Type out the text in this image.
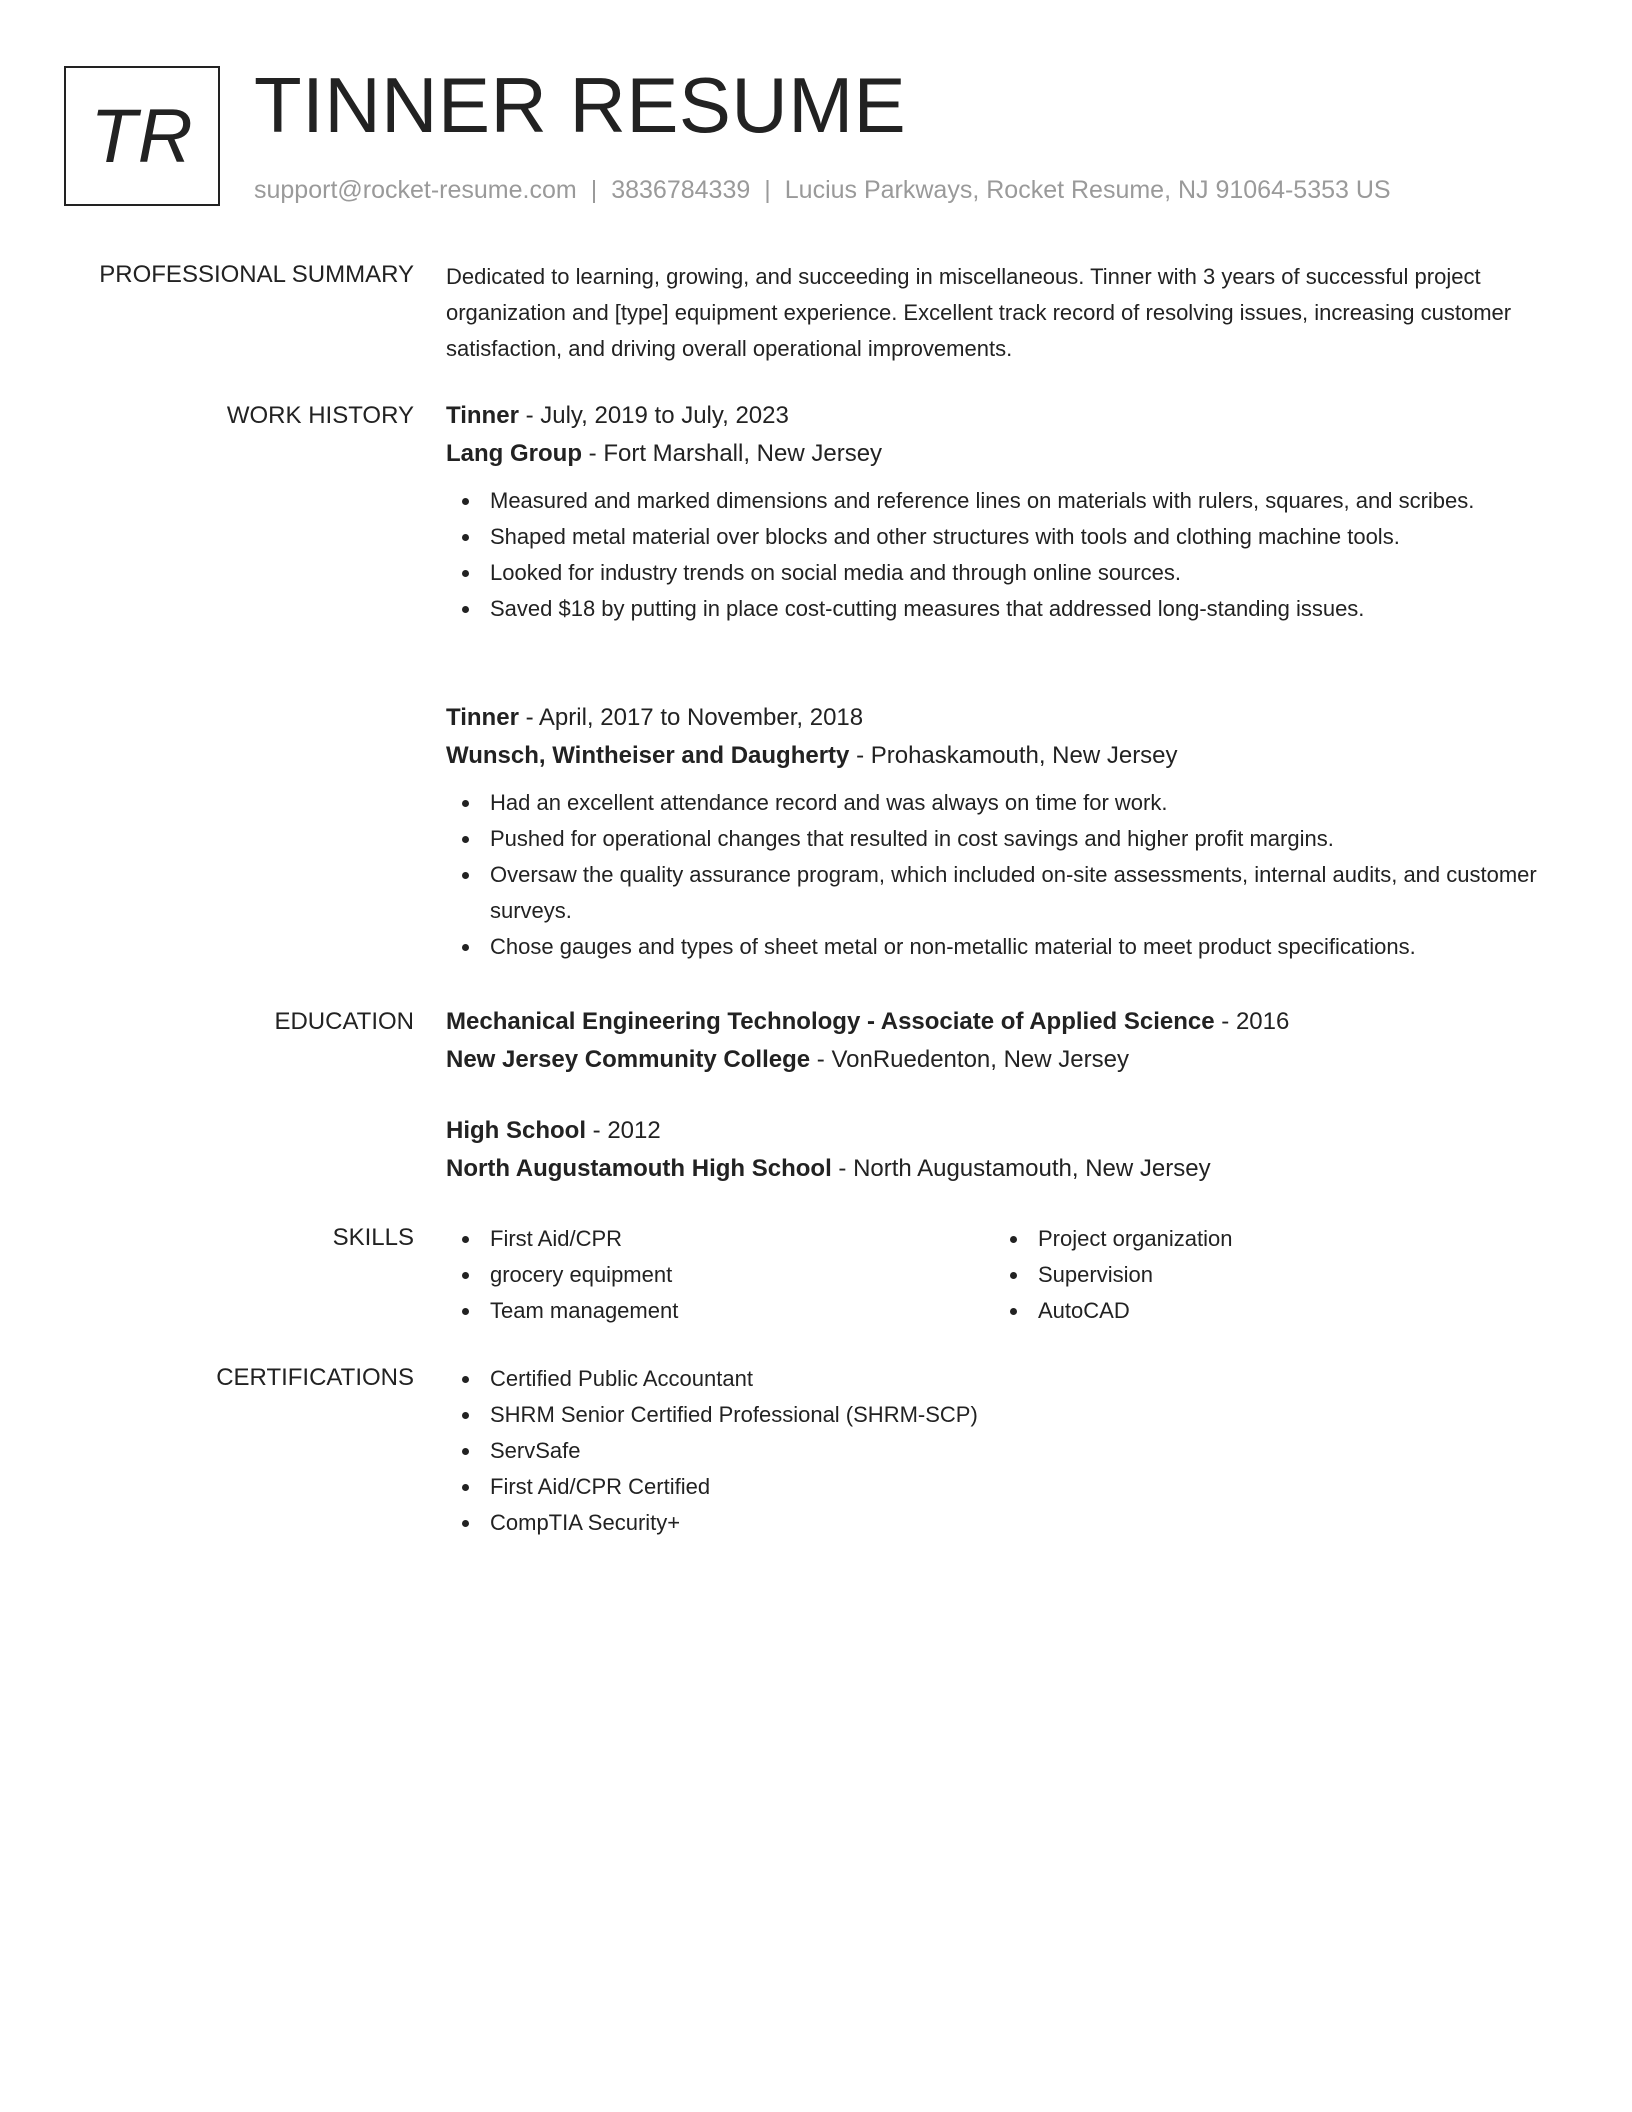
TR TINNER RESUME
support@rocket-resume.com | 3836784339 | Lucius Parkways, Rocket Resume, NJ 91064-5353 US
PROFESSIONAL SUMMARY Dedicated to learning, growing, and succeeding in miscellaneous. Tinner with 3 years of successful project organization and [type] equipment experience. Excellent track record of resolving issues, increasing customer satisfaction, and driving overall operational improvements.
WORK HISTORY Tinner - July, 2019 to July, 2023
Lang Group - Fort Marshall, New Jersey
Measured and marked dimensions and reference lines on materials with rulers, squares, and scribes.
Shaped metal material over blocks and other structures with tools and clothing machine tools.
Looked for industry trends on social media and through online sources.
Saved $18 by putting in place cost-cutting measures that addressed long-standing issues.
Tinner - April, 2017 to November, 2018
Wunsch, Wintheiser and Daugherty - Prohaskamouth, New Jersey
Had an excellent attendance record and was always on time for work.
Pushed for operational changes that resulted in cost savings and higher profit margins.
Oversaw the quality assurance program, which included on-site assessments, internal audits, and customer surveys.
Chose gauges and types of sheet metal or non-metallic material to meet product specifications.
EDUCATION Mechanical Engineering Technology - Associate of Applied Science - 2016
New Jersey Community College - VonRuedenton, New Jersey
High School - 2012
North Augustamouth High School - North Augustamouth, New Jersey
SKILLS	First Aid/CPR
grocery equipment
Team management
Project organization
Supervision
AutoCAD
CERTIFICATIONS	Certified Public Accountant
SHRM Senior Certified Professional (SHRM-SCP)
ServSafe
First Aid/CPR Certified
CompTIA Security+
